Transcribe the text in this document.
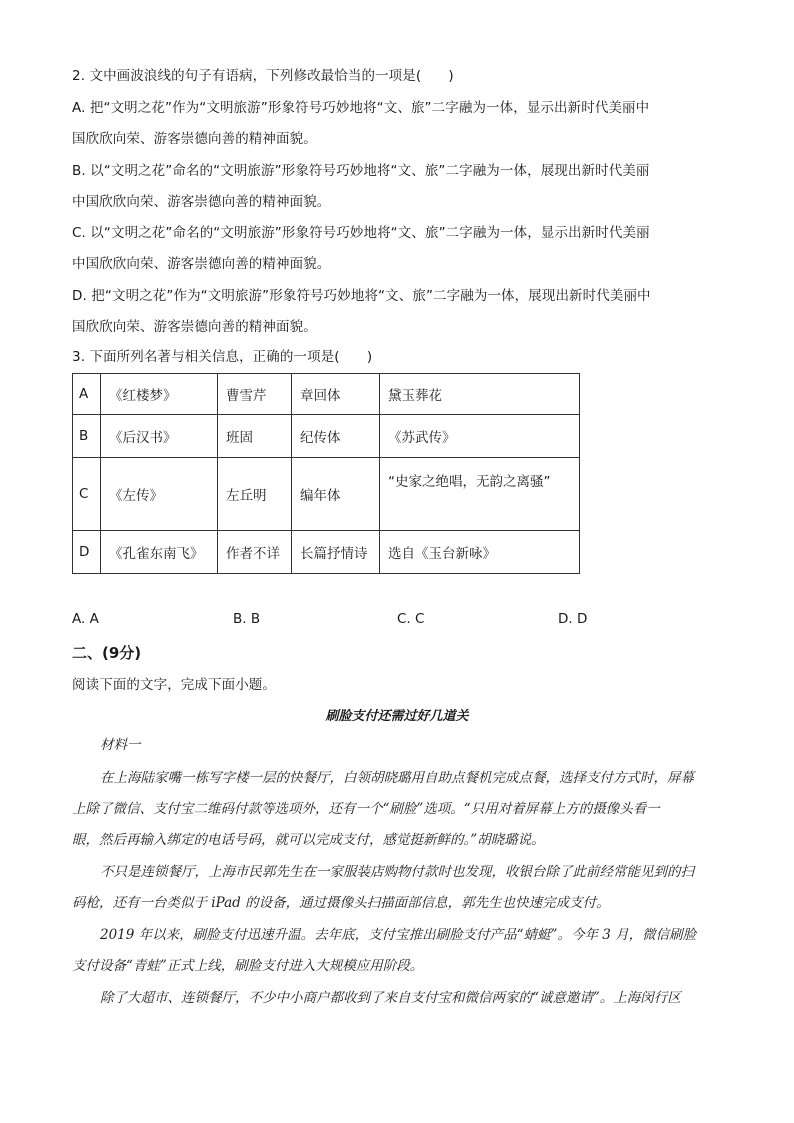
2. 文中画波浪线的句子有语病，下列修改最恰当的一项是(　　)
A. 把“文明之花”作为“文明旅游”形象符号巧妙地将“文、旅”二字融为一体，显示出新时代美丽中
国欣欣向荣、游客崇德向善的精神面貌。
B. 以“文明之花”命名的“文明旅游”形象符号巧妙地将“文、旅”二字融为一体，展现出新时代美丽
中国欣欣向荣、游客崇德向善的精神面貌。
C. 以“文明之花”命名的“文明旅游”形象符号巧妙地将“文、旅”二字融为一体，显示出新时代美丽
中国欣欣向荣、游客崇德向善的精神面貌。
D. 把“文明之花”作为“文明旅游”形象符号巧妙地将“文、旅”二字融为一体，展现出新时代美丽中
国欣欣向荣、游客崇德向善的精神面貌。
3. 下面所列名著与相关信息，正确的一项是(　　)
A	《红楼梦》	曹雪芹	章回体	黛玉葬花
B	《后汉书》	班固	纪传体	《苏武传》
C	《左传》	左丘明	编年体	“史家之绝唱，无韵之离骚”
D	《孔雀东南飞》	作者不详	长篇抒情诗	选自《玉台新咏》
A. A	B. B	C. C	D. D
二、(9分)
阅读下面的文字，完成下面小题。
刷脸支付还需过好几道关
材料一
在上海陆家嘴一栋写字楼一层的快餐厅，白领胡晓璐用自助点餐机完成点餐，选择支付方式时，屏幕
上除了微信、支付宝二维码付款等选项外，还有一个“刷脸”选项。“只用对着屏幕上方的摄像头看一
眼，然后再输入绑定的电话号码，就可以完成支付，感觉挺新鲜的。”胡晓璐说。
不只是连锁餐厅，上海市民郭先生在一家服装店购物付款时也发现，收银台除了此前经常能见到的扫
码枪，还有一台类似于 iPad 的设备，通过摄像头扫描面部信息，郭先生也快速完成支付。
2019 年以来，刷脸支付迅速升温。去年底，支付宝推出刷脸支付产品“蜻蜓”。今年 3 月，微信刷脸
支付设备“青蛙”正式上线，刷脸支付进入大规模应用阶段。
除了大超市、连锁餐厅，不少中小商户都收到了来自支付宝和微信两家的“诚意邀请”。上海闵行区
